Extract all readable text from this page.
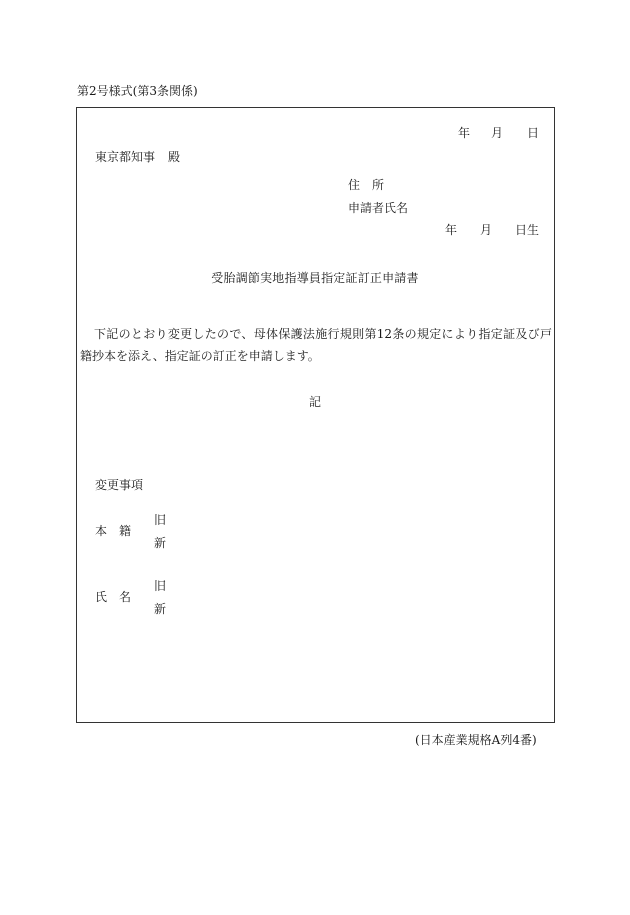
第2号様式(第3条関係)
年 月 日
東京都知事 殿
住 所
申請者氏名
年 月 日生
受胎調節実地指導員指定証訂正申請書
下記のとおり変更したので、母体保護法施行規則第12条の規定により指定証及び戸籍抄本を添え、指定証の訂正を申請します。
記
変更事項
本　籍
旧
新
氏　名
旧
新
(日本産業規格A列4番)
